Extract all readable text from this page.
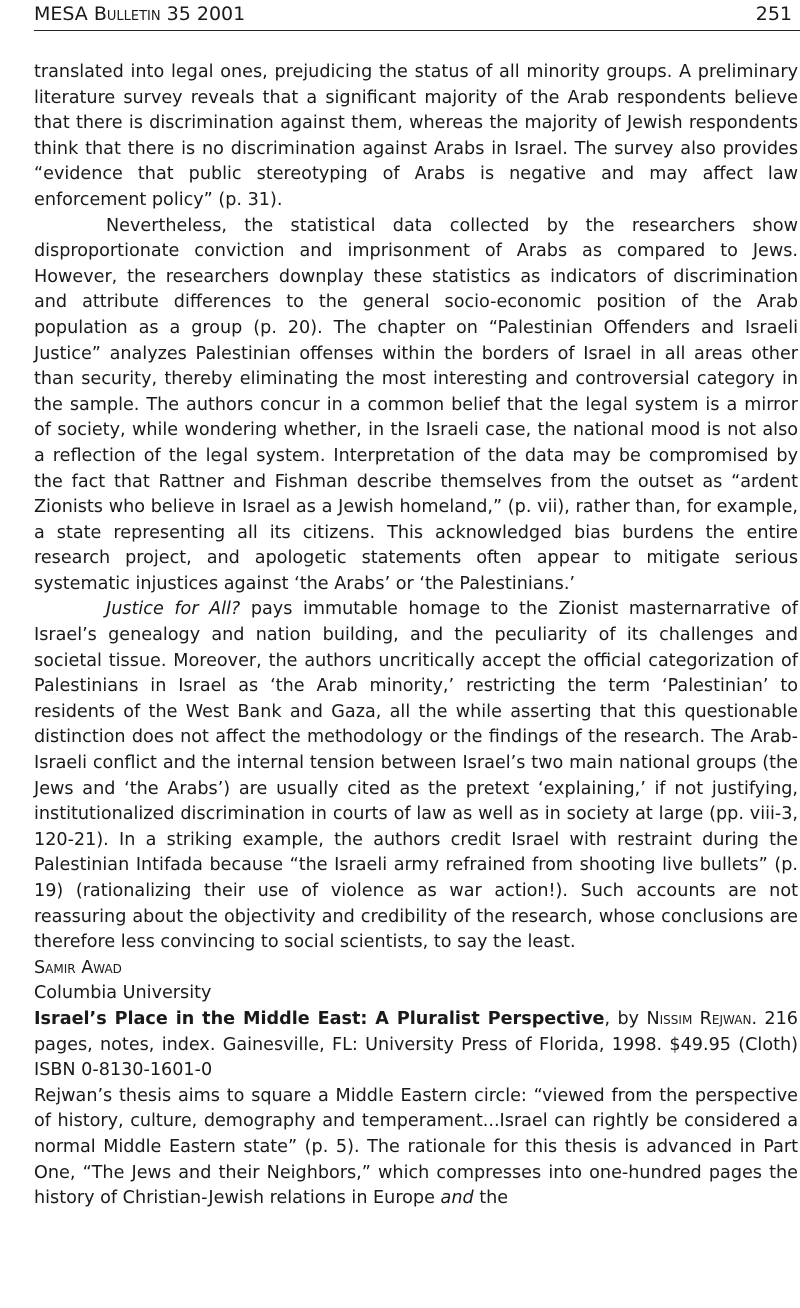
MESA Bulletin 35 2001	251

translated into legal ones, prejudicing the status of all minority groups. A preliminary literature survey reveals that a significant majority of the Arab respondents believe that there is discrimination against them, whereas the majority of Jewish respondents think that there is no discrimination against Arabs in Israel. The survey also provides “evidence that public stereotyping of Arabs is negative and may affect law enforcement policy” (p. 31).

Nevertheless, the statistical data collected by the researchers show disproportionate conviction and imprisonment of Arabs as compared to Jews. However, the researchers downplay these statistics as indicators of discrimination and attribute differences to the general socio-economic position of the Arab population as a group (p. 20). The chapter on “Palestinian Offenders and Israeli Justice” analyzes Palestinian offenses within the borders of Israel in all areas other than security, thereby eliminating the most interesting and controversial category in the sample. The authors concur in a common belief that the legal system is a mirror of society, while wondering whether, in the Israeli case, the national mood is not also a reflection of the legal system. Interpretation of the data may be compromised by the fact that Rattner and Fishman describe themselves from the outset as “ardent Zionists who believe in Israel as a Jewish homeland,” (p. vii), rather than, for example, a state representing all its citizens. This acknowledged bias burdens the entire research project, and apologetic statements often appear to mitigate serious systematic injustices against ‘the Arabs’ or ‘the Palestinians.’

Justice for All? pays immutable homage to the Zionist masternarrative of Israel’s genealogy and nation building, and the peculiarity of its challenges and societal tissue. Moreover, the authors uncritically accept the official categorization of Palestinians in Israel as ‘the Arab minority,’ restricting the term ‘Palestinian’ to residents of the West Bank and Gaza, all the while asserting that this questionable distinction does not affect the methodology or the findings of the research. The Arab-Israeli conflict and the internal tension between Israel’s two main national groups (the Jews and ‘the Arabs’) are usually cited as the pretext ‘explaining,’ if not justifying, institutionalized discrimination in courts of law as well as in society at large (pp. viii-3, 120-21). In a striking example, the authors credit Israel with restraint during the Palestinian Intifada because “the Israeli army refrained from shooting live bullets” (p. 19) (rationalizing their use of violence as war action!). Such accounts are not reassuring about the objectivity and credibility of the research, whose conclusions are therefore less convincing to social scientists, to say the least.

Samir Awad

Columbia University

Israel’s Place in the Middle East: A Pluralist Perspective, by Nissim Rejwan. 216 pages, notes, index. Gainesville, FL: University Press of Florida, 1998. $49.95 (Cloth) ISBN 0-8130-1601-0

Rejwan’s thesis aims to square a Middle Eastern circle: “viewed from the perspective of history, culture, demography and temperament...Israel can rightly be considered a normal Middle Eastern state” (p. 5). The rationale for this thesis is advanced in Part One, “The Jews and their Neighbors,” which compresses into one-hundred pages the history of Christian-Jewish relations in Europe and the
